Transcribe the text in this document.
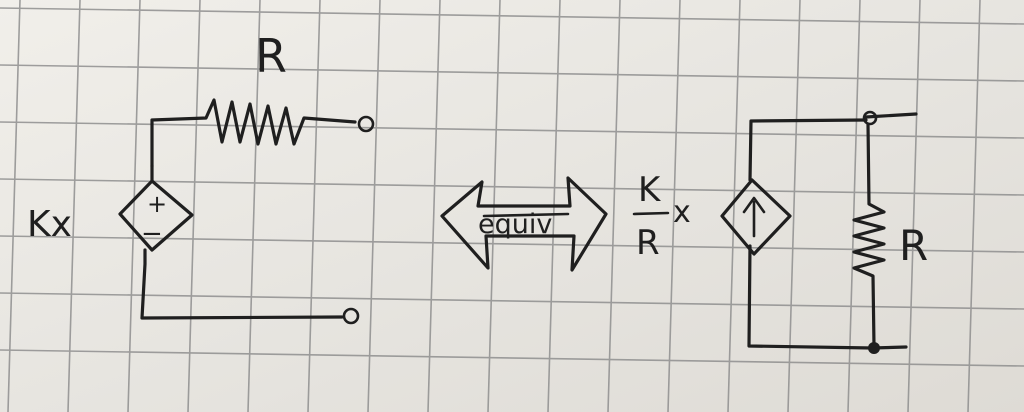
R
Kx	+
−	equiv
K
R
x
R
